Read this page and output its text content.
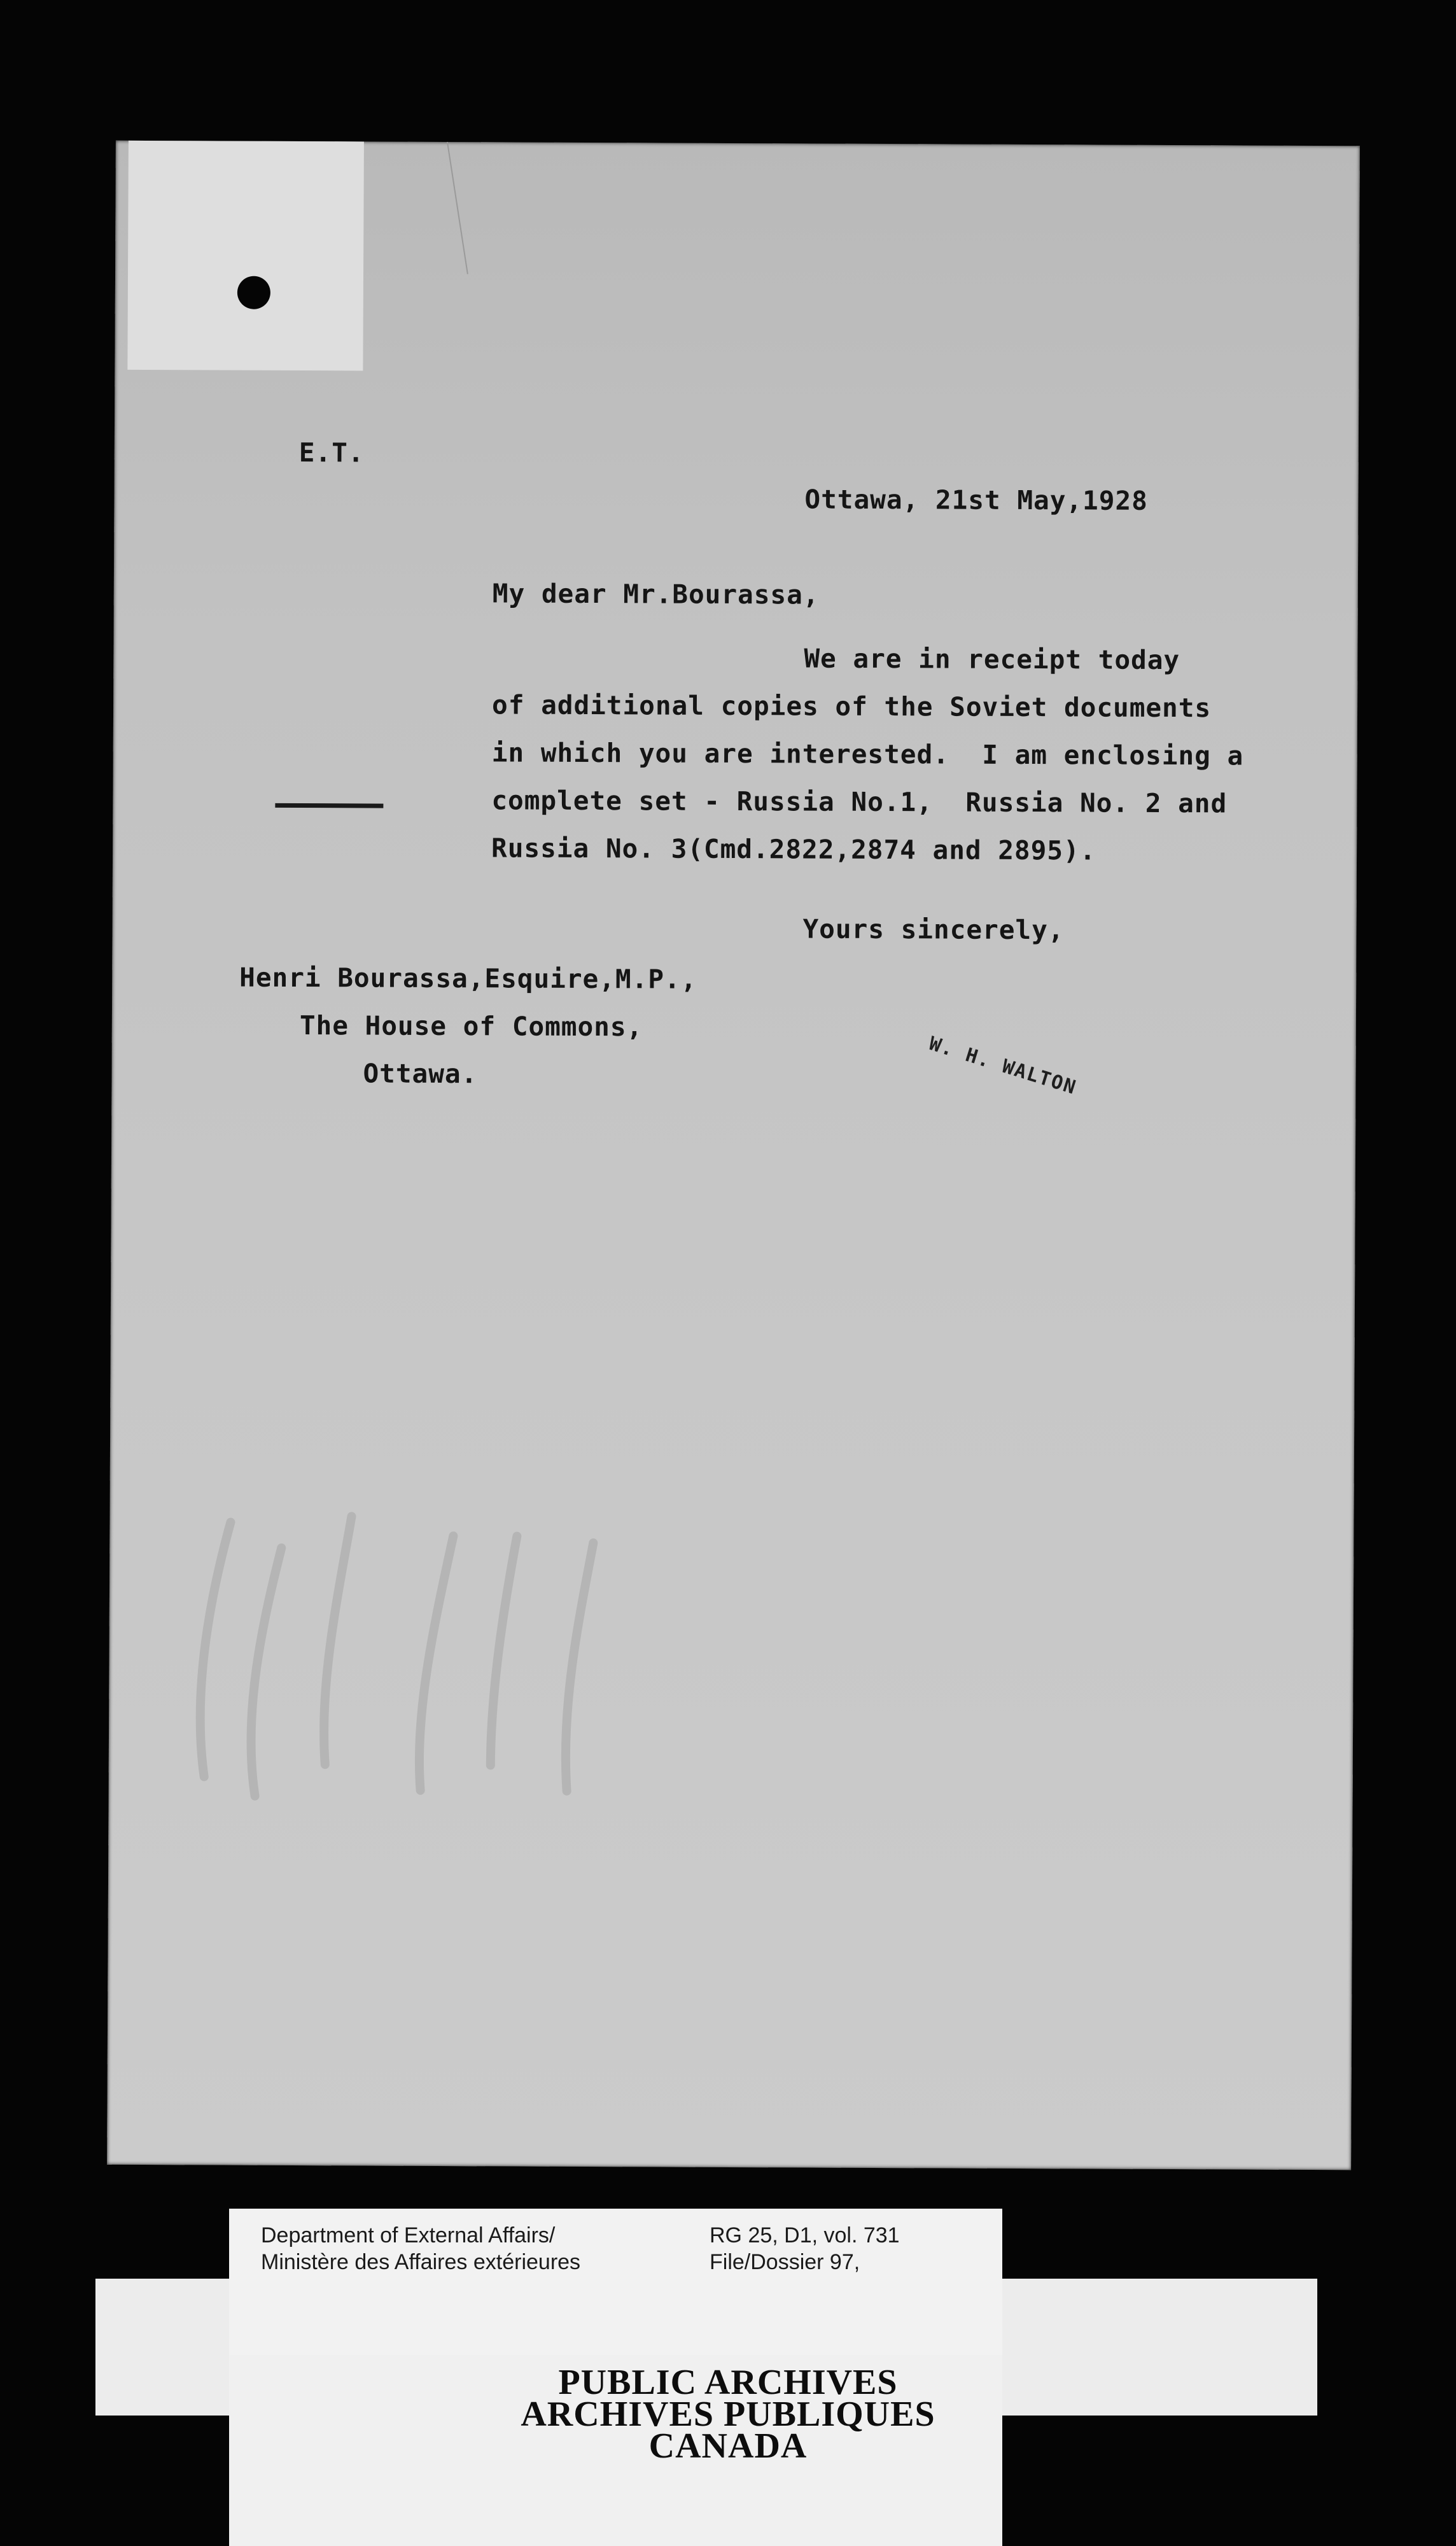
E.T.
Ottawa, 21st May,1928
My dear Mr.Bourassa,
We are in receipt today
of additional copies of the Soviet documents
in which you are interested.  I am enclosing a
complete set - Russia No.1,  Russia No. 2 and
Russia No. 3(Cmd.2822,2874 and 2895).
Yours sincerely,
Henri Bourassa,Esquire,M.P.,
The House of Commons,
Ottawa.	W. H. WALTON
Department of External Affairs/
Ministère des Affaires extérieures
RG 25, D1, vol. 731
File/Dossier 97,
PUBLIC ARCHIVES
ARCHIVES PUBLIQUES
CANADA
